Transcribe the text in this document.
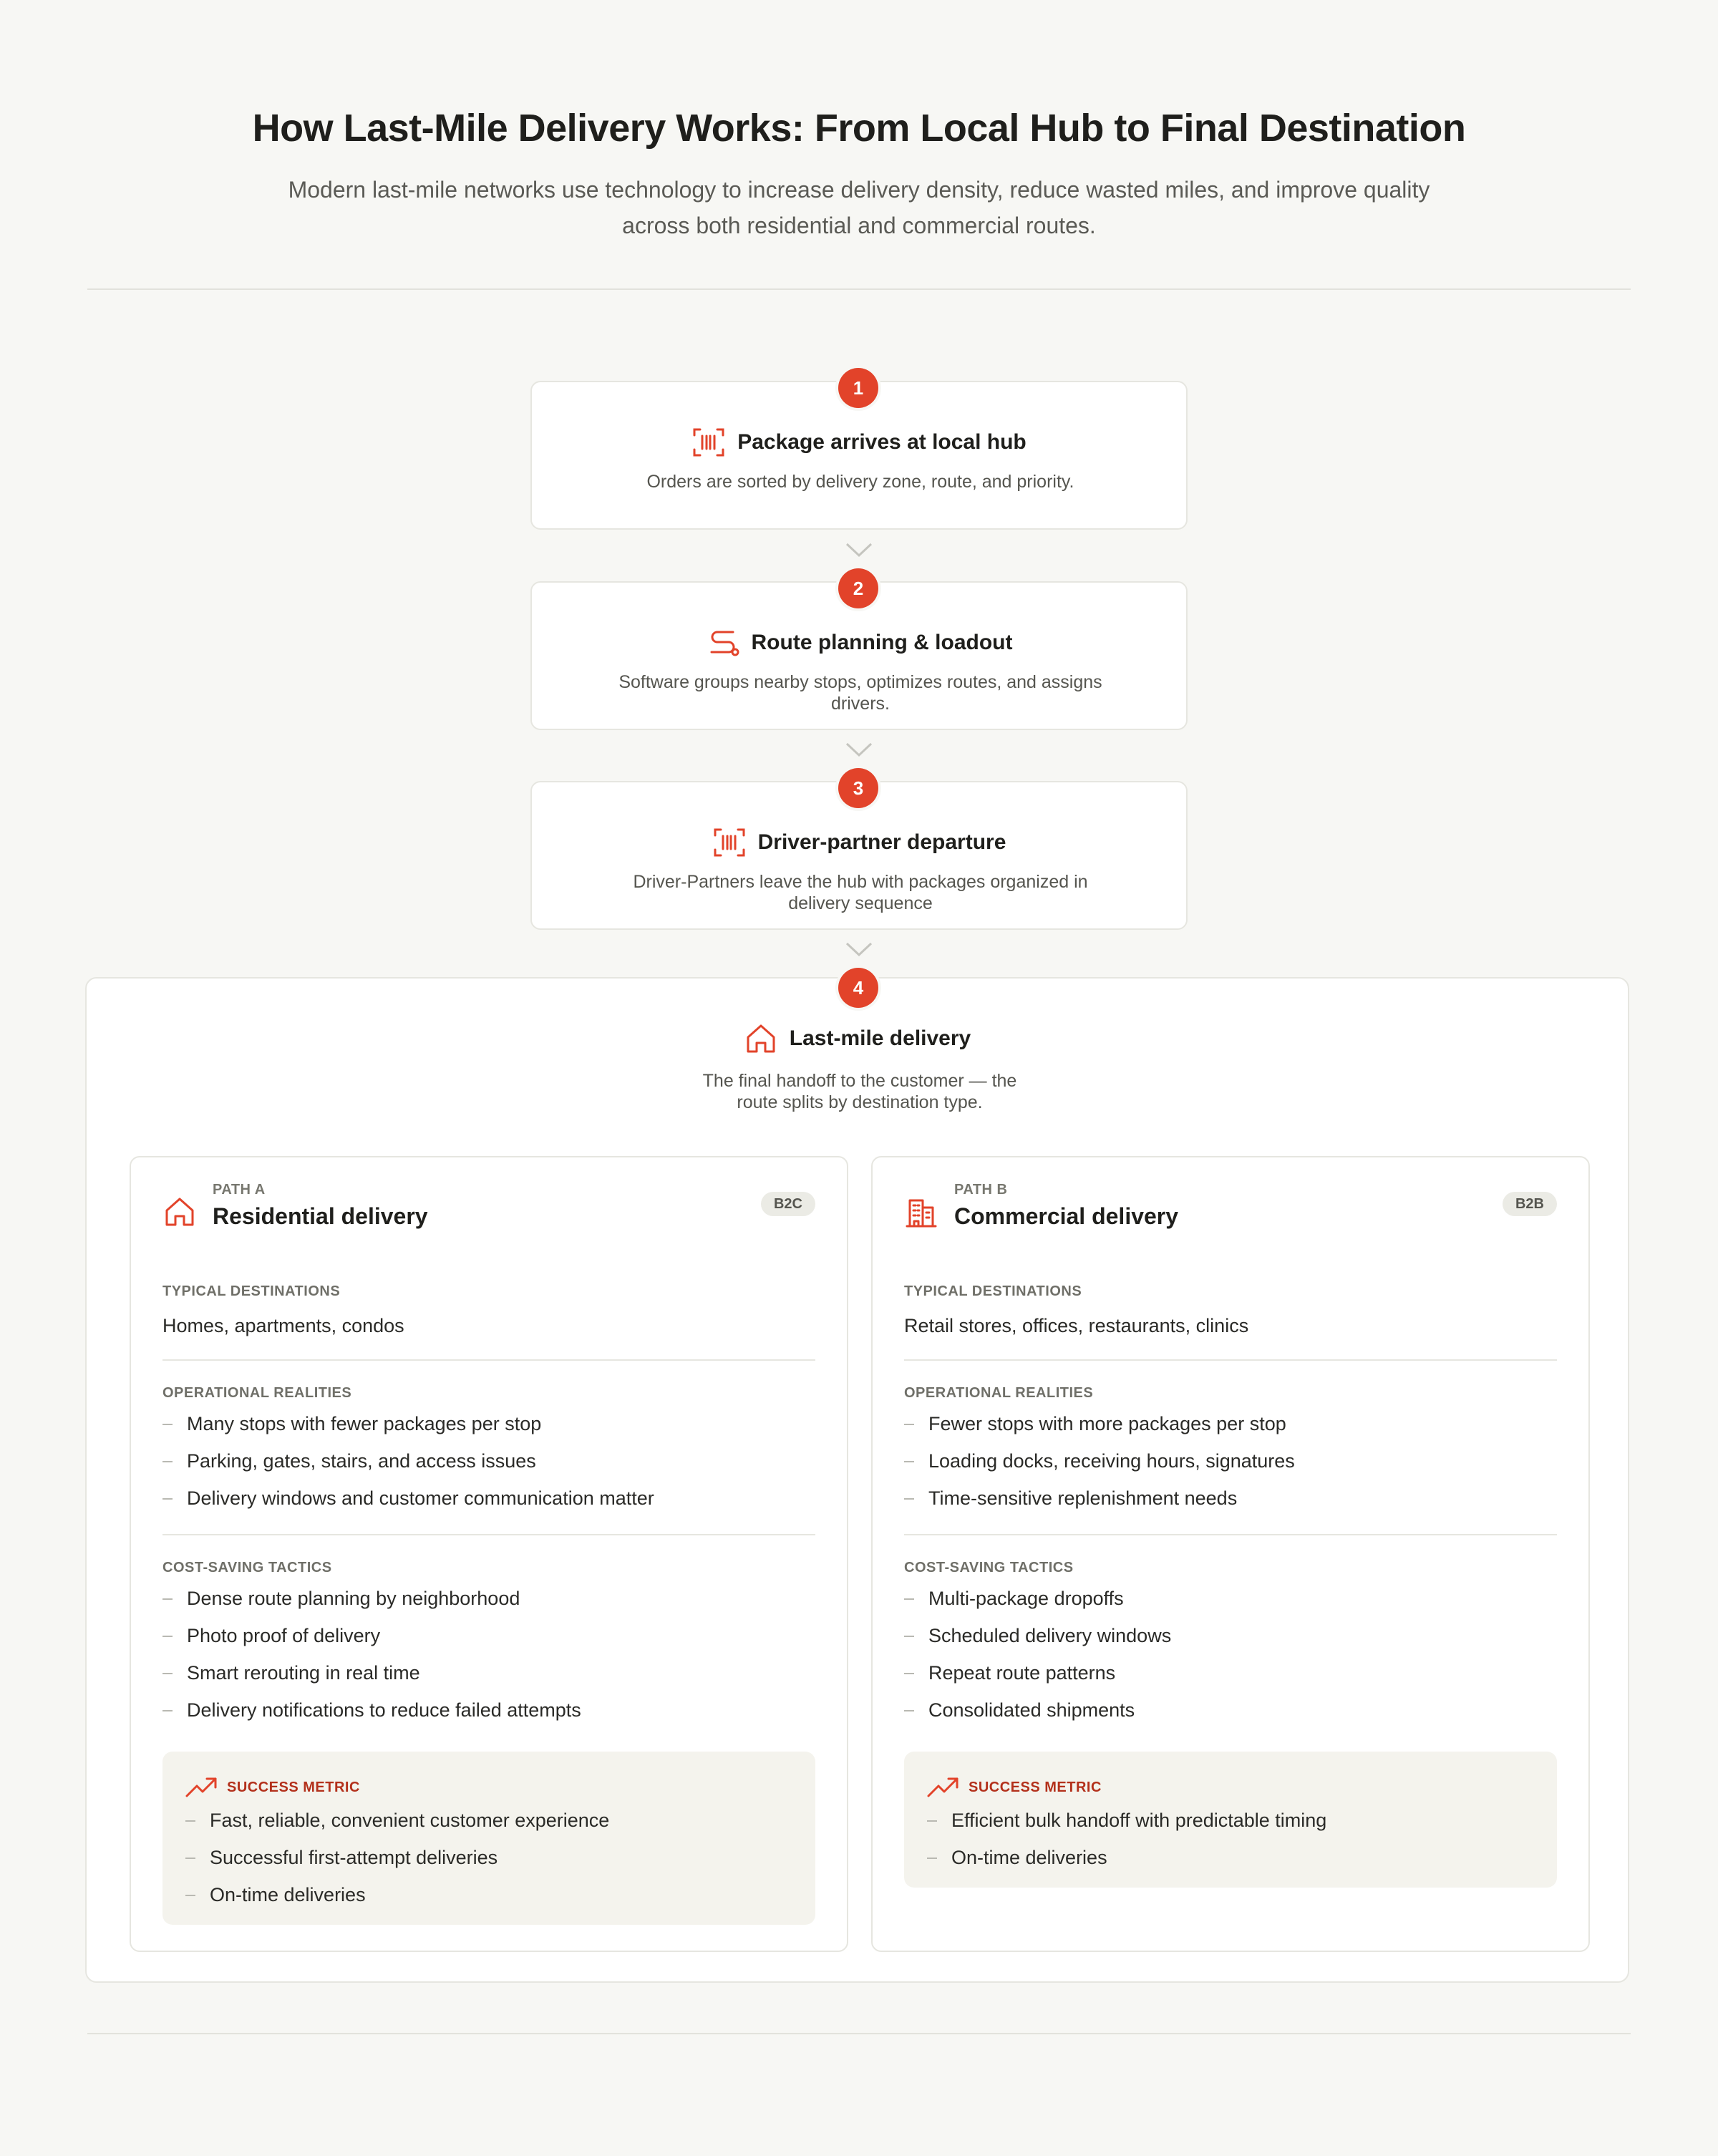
How Last-Mile Delivery Works: From Local Hub to Final Destination
Modern last-mile networks use technology to increase delivery density, reduce wasted miles, and improve quality across both residential and commercial routes.
1
Package arrives at local hub
Orders are sorted by delivery zone, route, and priority.
2
Route planning & loadout
Software groups nearby stops, optimizes routes, and assigns drivers.
3
Driver-partner departure
Driver-Partners leave the hub with packages organized in delivery sequence
4
Last-mile delivery
The final handoff to the customer — the route splits by destination type.
PATH A
Residential delivery	B2C
TYPICAL DESTINATIONS
Homes, apartments, condos
OPERATIONAL REALITIES
Many stops with fewer packages per stop
Parking, gates, stairs, and access issues
Delivery windows and customer communication matter
COST-SAVING TACTICS
Dense route planning by neighborhood
Photo proof of delivery
Smart rerouting in real time
Delivery notifications to reduce failed attempts
SUCCESS METRIC
Fast, reliable, convenient customer experience
Successful first-attempt deliveries
On-time deliveries
PATH B
Commercial delivery	B2B
TYPICAL DESTINATIONS
Retail stores, offices, restaurants, clinics
OPERATIONAL REALITIES
Fewer stops with more packages per stop
Loading docks, receiving hours, signatures
Time-sensitive replenishment needs
COST-SAVING TACTICS
Multi-package dropoffs
Scheduled delivery windows
Repeat route patterns
Consolidated shipments
SUCCESS METRIC
Efficient bulk handoff with predictable timing
On-time deliveries
